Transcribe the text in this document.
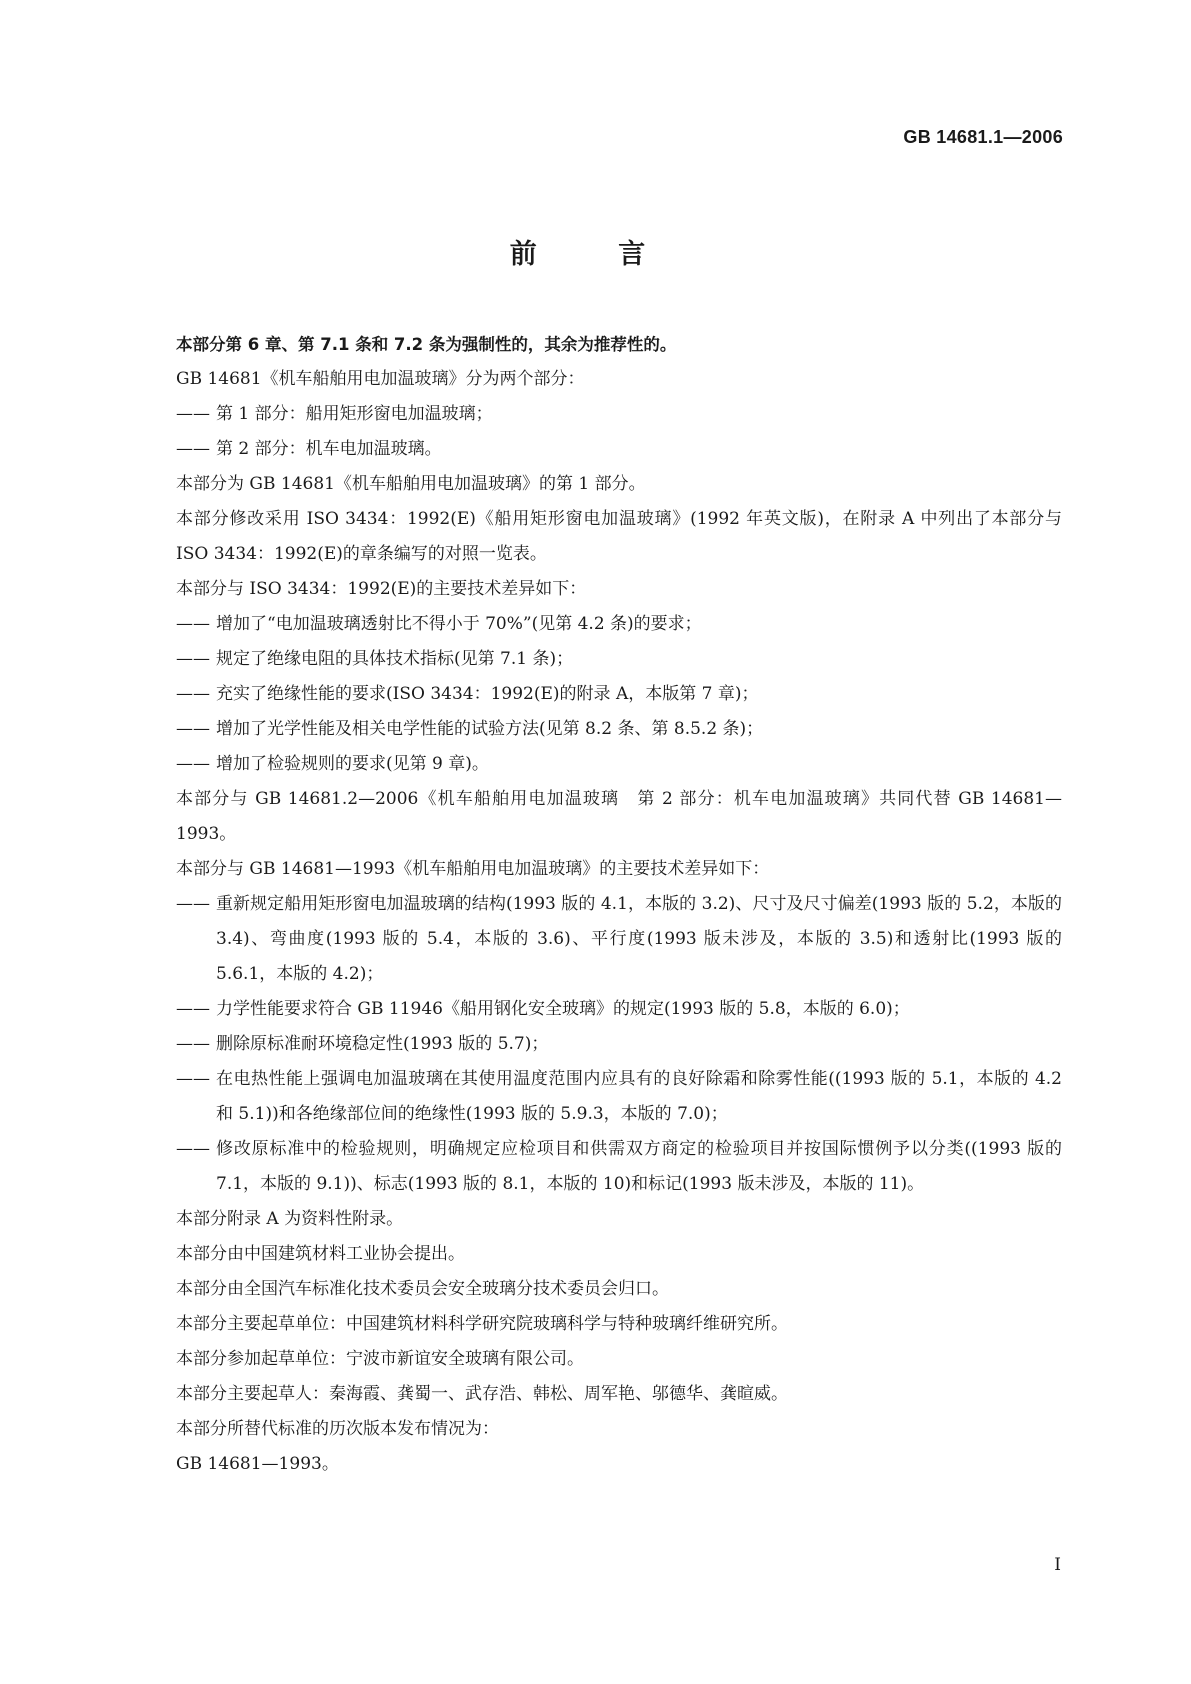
GB 14681.1—2006
前 言

本部分第 6 章、第 7.1 条和 7.2 条为强制性的，其余为推荐性的。

GB 14681《机车船舶用电加温玻璃》分为两个部分：

—— 第 1 部分：船用矩形窗电加温玻璃；
—— 第 2 部分：机车电加温玻璃。

本部分为 GB 14681《机车船舶用电加温玻璃》的第 1 部分。

本部分修改采用 ISO 3434：1992(E)《船用矩形窗电加温玻璃》(1992 年英文版)，在附录 A 中列出了本部分与 ISO 3434：1992(E)的章条编写的对照一览表。

本部分与 ISO 3434：1992(E)的主要技术差异如下：

—— 增加了“电加温玻璃透射比不得小于 70%”(见第 4.2 条)的要求；
—— 规定了绝缘电阻的具体技术指标(见第 7.1 条)；
—— 充实了绝缘性能的要求(ISO 3434：1992(E)的附录 A，本版第 7 章)；
—— 增加了光学性能及相关电学性能的试验方法(见第 8.2 条、第 8.5.2 条)；
—— 增加了检验规则的要求(见第 9 章)。

本部分与 GB 14681.2—2006《机车船舶用电加温玻璃　第 2 部分：机车电加温玻璃》共同代替 GB 14681—1993。

本部分与 GB 14681—1993《机车船舶用电加温玻璃》的主要技术差异如下：

—— 重新规定船用矩形窗电加温玻璃的结构(1993 版的 4.1，本版的 3.2)、尺寸及尺寸偏差(1993 版的 5.2，本版的 3.4)、弯曲度(1993 版的 5.4，本版的 3.6)、平行度(1993 版未涉及，本版的 3.5)和透射比(1993 版的 5.6.1，本版的 4.2)；
—— 力学性能要求符合 GB 11946《船用钢化安全玻璃》的规定(1993 版的 5.8，本版的 6.0)；
—— 删除原标准耐环境稳定性(1993 版的 5.7)；
—— 在电热性能上强调电加温玻璃在其使用温度范围内应具有的良好除霜和除雾性能((1993 版的 5.1，本版的 4.2 和 5.1))和各绝缘部位间的绝缘性(1993 版的 5.9.3，本版的 7.0)；
—— 修改原标准中的检验规则，明确规定应检项目和供需双方商定的检验项目并按国际惯例予以分类((1993 版的 7.1，本版的 9.1))、标志(1993 版的 8.1，本版的 10)和标记(1993 版未涉及，本版的 11)。

本部分附录 A 为资料性附录。

本部分由中国建筑材料工业协会提出。

本部分由全国汽车标准化技术委员会安全玻璃分技术委员会归口。

本部分主要起草单位：中国建筑材料科学研究院玻璃科学与特种玻璃纤维研究所。

本部分参加起草单位：宁波市新谊安全玻璃有限公司。

本部分主要起草人：秦海霞、龚蜀一、武存浩、韩松、周军艳、邬德华、龚暄威。

本部分所替代标准的历次版本发布情况为：

GB 14681—1993。

I
